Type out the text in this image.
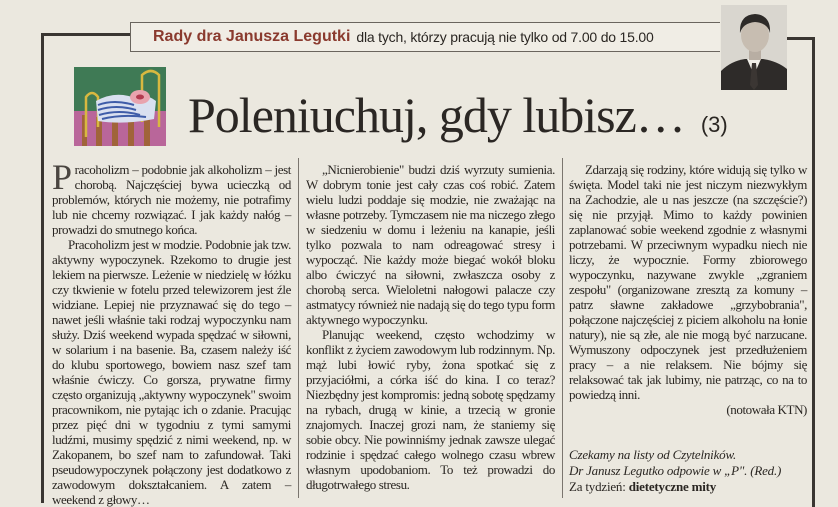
Rady dra Janusza Legutki dla tych, którzy pracują nie tylko od 7.00 do 15.00
Poleniuchuj, gdy lubisz… (3)

Pracoholizm – podobnie jak alkoholizm – jest chorobą. Najczęściej bywa ucieczką od problemów, których nie możemy, nie potrafimy lub nie chcemy rozwiązać. I jak każdy nałóg – prowadzi do smutnego końca.

Pracoholizm jest w modzie. Podobnie jak tzw. aktywny wypoczynek. Rzekomo to drugie jest lekiem na pierwsze. Leżenie w niedzielę w łóżku czy tkwienie w fotelu przed telewizorem jest źle widziane. Lepiej nie przyznawać się do tego – nawet jeśli właśnie taki rodzaj wypoczynku nam służy. Dziś weekend wypada spędzać w siłowni, w solarium i na basenie. Ba, czasem należy iść do klubu sportowego, bowiem nasz szef tam właśnie ćwiczy. Co gorsza, prywatne firmy często organizują „aktywny wypoczynek" swoim pracownikom, nie pytając ich o zdanie. Pracując przez pięć dni w tygodniu z tymi samymi ludźmi, musimy spędzić z nimi weekend, np. w Zakopanem, bo szef nam to zafundował. Taki pseudowypoczynek połączony jest dodatkowo z zawodowym dokształcaniem. A zatem – weekend z głowy…

„Nicnierobienie" budzi dziś wyrzuty sumienia. W dobrym tonie jest cały czas coś robić. Zatem wielu ludzi poddaje się modzie, nie zważając na własne potrzeby. Tymczasem nie ma niczego złego w siedzeniu w domu i leżeniu na kanapie, jeśli tylko pozwala to nam odreagować stresy i wypocząć. Nie każdy może biegać wokół bloku albo ćwiczyć na siłowni, zwłaszcza osoby z chorobą serca. Wieloletni nałogowi palacze czy astmatycy również nie nadają się do tego typu form aktywnego wypoczynku.

Planując weekend, często wchodzimy w konflikt z życiem zawodowym lub rodzinnym. Np. mąż lubi łowić ryby, żona spotkać się z przyjaciółmi, a córka iść do kina. I co teraz? Niezbędny jest kompromis: jedną sobotę spędzamy na rybach, drugą w kinie, a trzecią w gronie znajomych. Inaczej grozi nam, że staniemy się sobie obcy. Nie powinniśmy jednak zawsze ulegać rodzinie i spędzać całego wolnego czasu wbrew własnym upodobaniom. To też prowadzi do długotrwałego stresu.

Zdarzają się rodziny, które widują się tylko w święta. Model taki nie jest niczym niezwykłym na Zachodzie, ale u nas jeszcze (na szczęście?) się nie przyjął. Mimo to każdy powinien zaplanować sobie weekend zgodnie z własnymi potrzebami. W przeciwnym wypadku niech nie liczy, że wypocznie. Formy zbiorowego wypoczynku, nazywane zwykle „zgraniem zespołu" (organizowane zresztą za komuny – patrz sławne zakładowe „grzybobrania", połączone najczęściej z piciem alkoholu na łonie natury), nie są złe, ale nie mogą być narzucane. Wymuszony odpoczynek jest przedłużeniem pracy – a nie relaksem. Nie bójmy się relaksować tak jak lubimy, nie patrząc, co na to powiedzą inni.

(notowała KTN)
Czekamy na listy od Czytelników.
Dr Janusz Legutko odpowie w „P". (Red.)
Za tydzień: dietetyczne mity
